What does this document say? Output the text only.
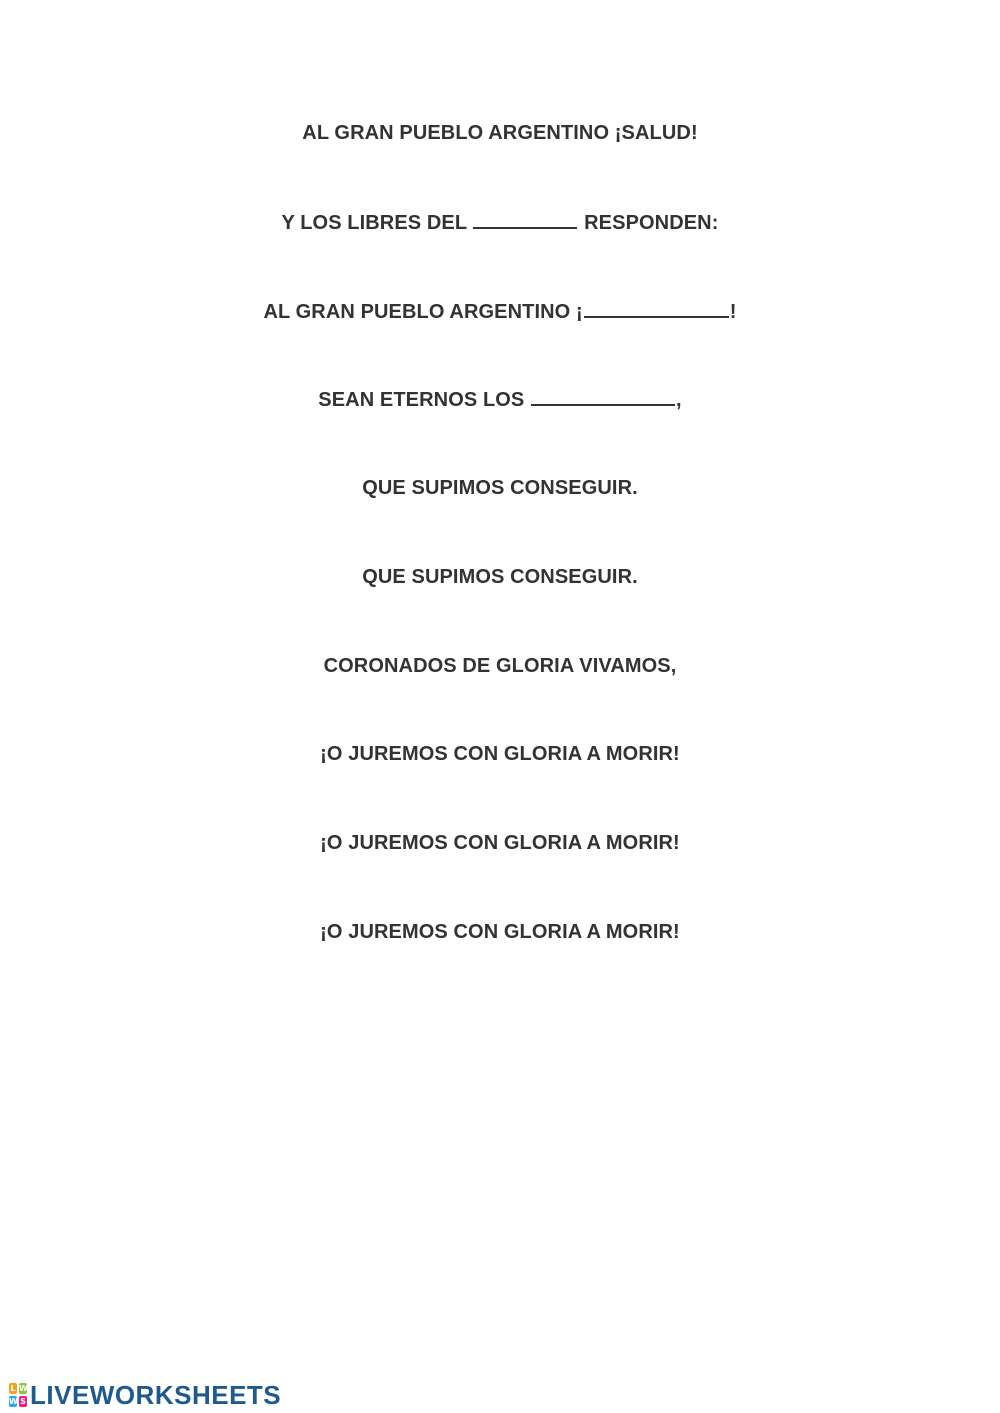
AL GRAN PUEBLO ARGENTINO ¡SALUD!
Y LOS LIBRES DEL	RESPONDEN:
AL GRAN PUEBLO ARGENTINO ¡	!
SEAN ETERNOS LOS	,
QUE SUPIMOS CONSEGUIR.
QUE SUPIMOS CONSEGUIR.
CORONADOS DE GLORIA VIVAMOS,
¡O JUREMOS CON GLORIA A MORIR!
¡O JUREMOS CON GLORIA A MORIR!
¡O JUREMOS CON GLORIA A MORIR!
L W
W S LIVEWORKSHEETS
